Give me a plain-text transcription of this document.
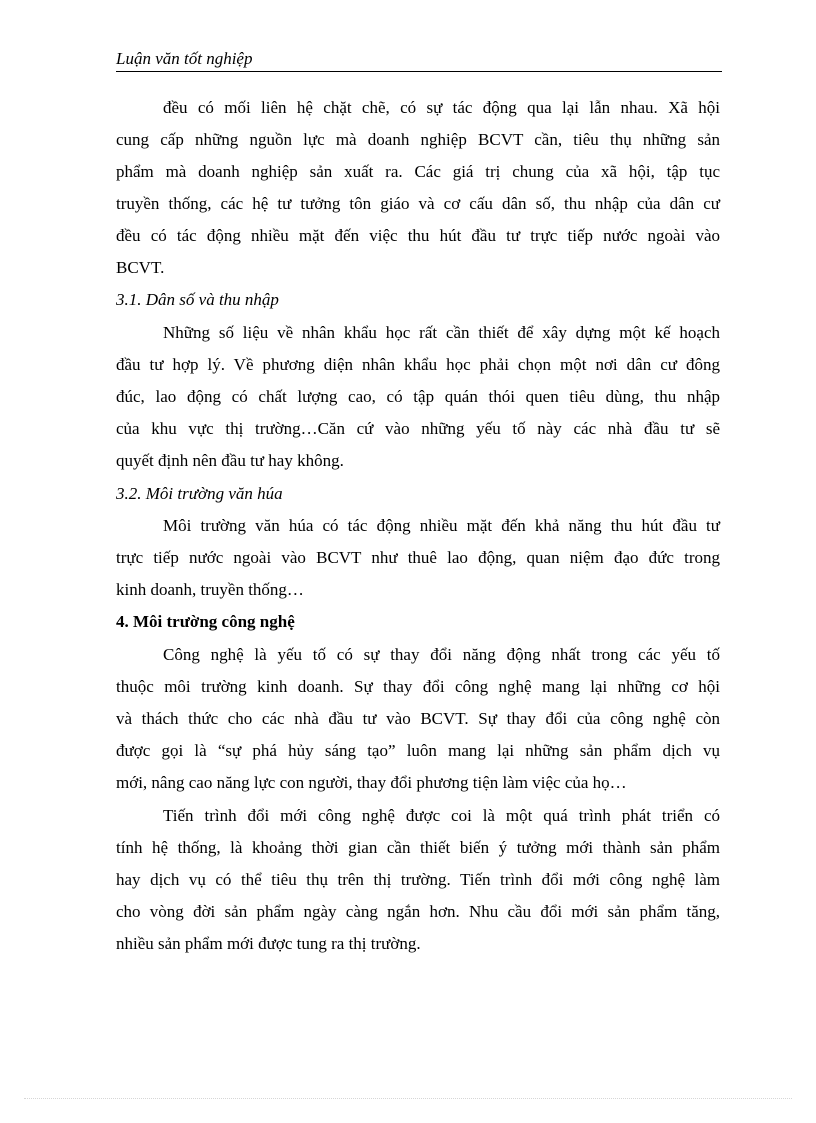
Luận văn tốt nghiệp
đều có mối liên hệ chặt chẽ, có sự tác động qua lại lẫn nhau. Xã hội
cung cấp những nguồn lực mà doanh nghiệp BCVT cần, tiêu thụ những sản
phẩm mà doanh nghiệp sản xuất ra. Các giá trị chung của xã hội, tập tục
truyền thống, các hệ tư tưởng tôn giáo và cơ cấu dân số, thu nhập của dân cư
đều có tác động nhiều mặt đến việc thu hút đầu tư trực tiếp nước ngoài vào
BCVT.
3.1. Dân số và thu nhập
Những số liệu về nhân khẩu học rất cần thiết để xây dựng một kế hoạch
đầu tư hợp lý. Về phương diện nhân khẩu học phải chọn một nơi dân cư đông
đúc, lao động có chất lượng cao, có tập quán thói quen tiêu dùng, thu nhập
của khu vực thị trường…Căn cứ vào những yếu tố này các nhà đầu tư sẽ
quyết định nên đầu tư hay không.
3.2. Môi trường văn húa
Môi trường văn húa có tác động nhiều mặt đến khả năng thu hút đầu tư
trực tiếp nước ngoài vào BCVT như thuê lao động, quan niệm đạo đức trong
kinh doanh, truyền thống…
4. Môi trường công nghệ
Công nghệ là yếu tố có sự thay đổi năng động nhất trong các yếu tố
thuộc môi trường kinh doanh. Sự thay đổi công nghệ mang lại những cơ hội
và thách thức cho các nhà đầu tư vào BCVT. Sự thay đổi của công nghệ còn
được gọi là “sự phá hủy sáng tạo” luôn mang lại những sản phẩm dịch vụ
mới, nâng cao năng lực con người, thay đổi phương tiện làm việc của họ…
Tiến trình đổi mới công nghệ được coi là một quá trình phát triển có
tính hệ thống, là khoảng thời gian cần thiết biến ý tưởng mới thành sản phẩm
hay dịch vụ có thể tiêu thụ trên thị trường. Tiến trình đổi mới công nghệ làm
cho vòng đời sản phẩm ngày càng ngắn hơn. Nhu cầu đổi mới sản phẩm tăng,
nhiều sản phẩm mới được tung ra thị trường.
